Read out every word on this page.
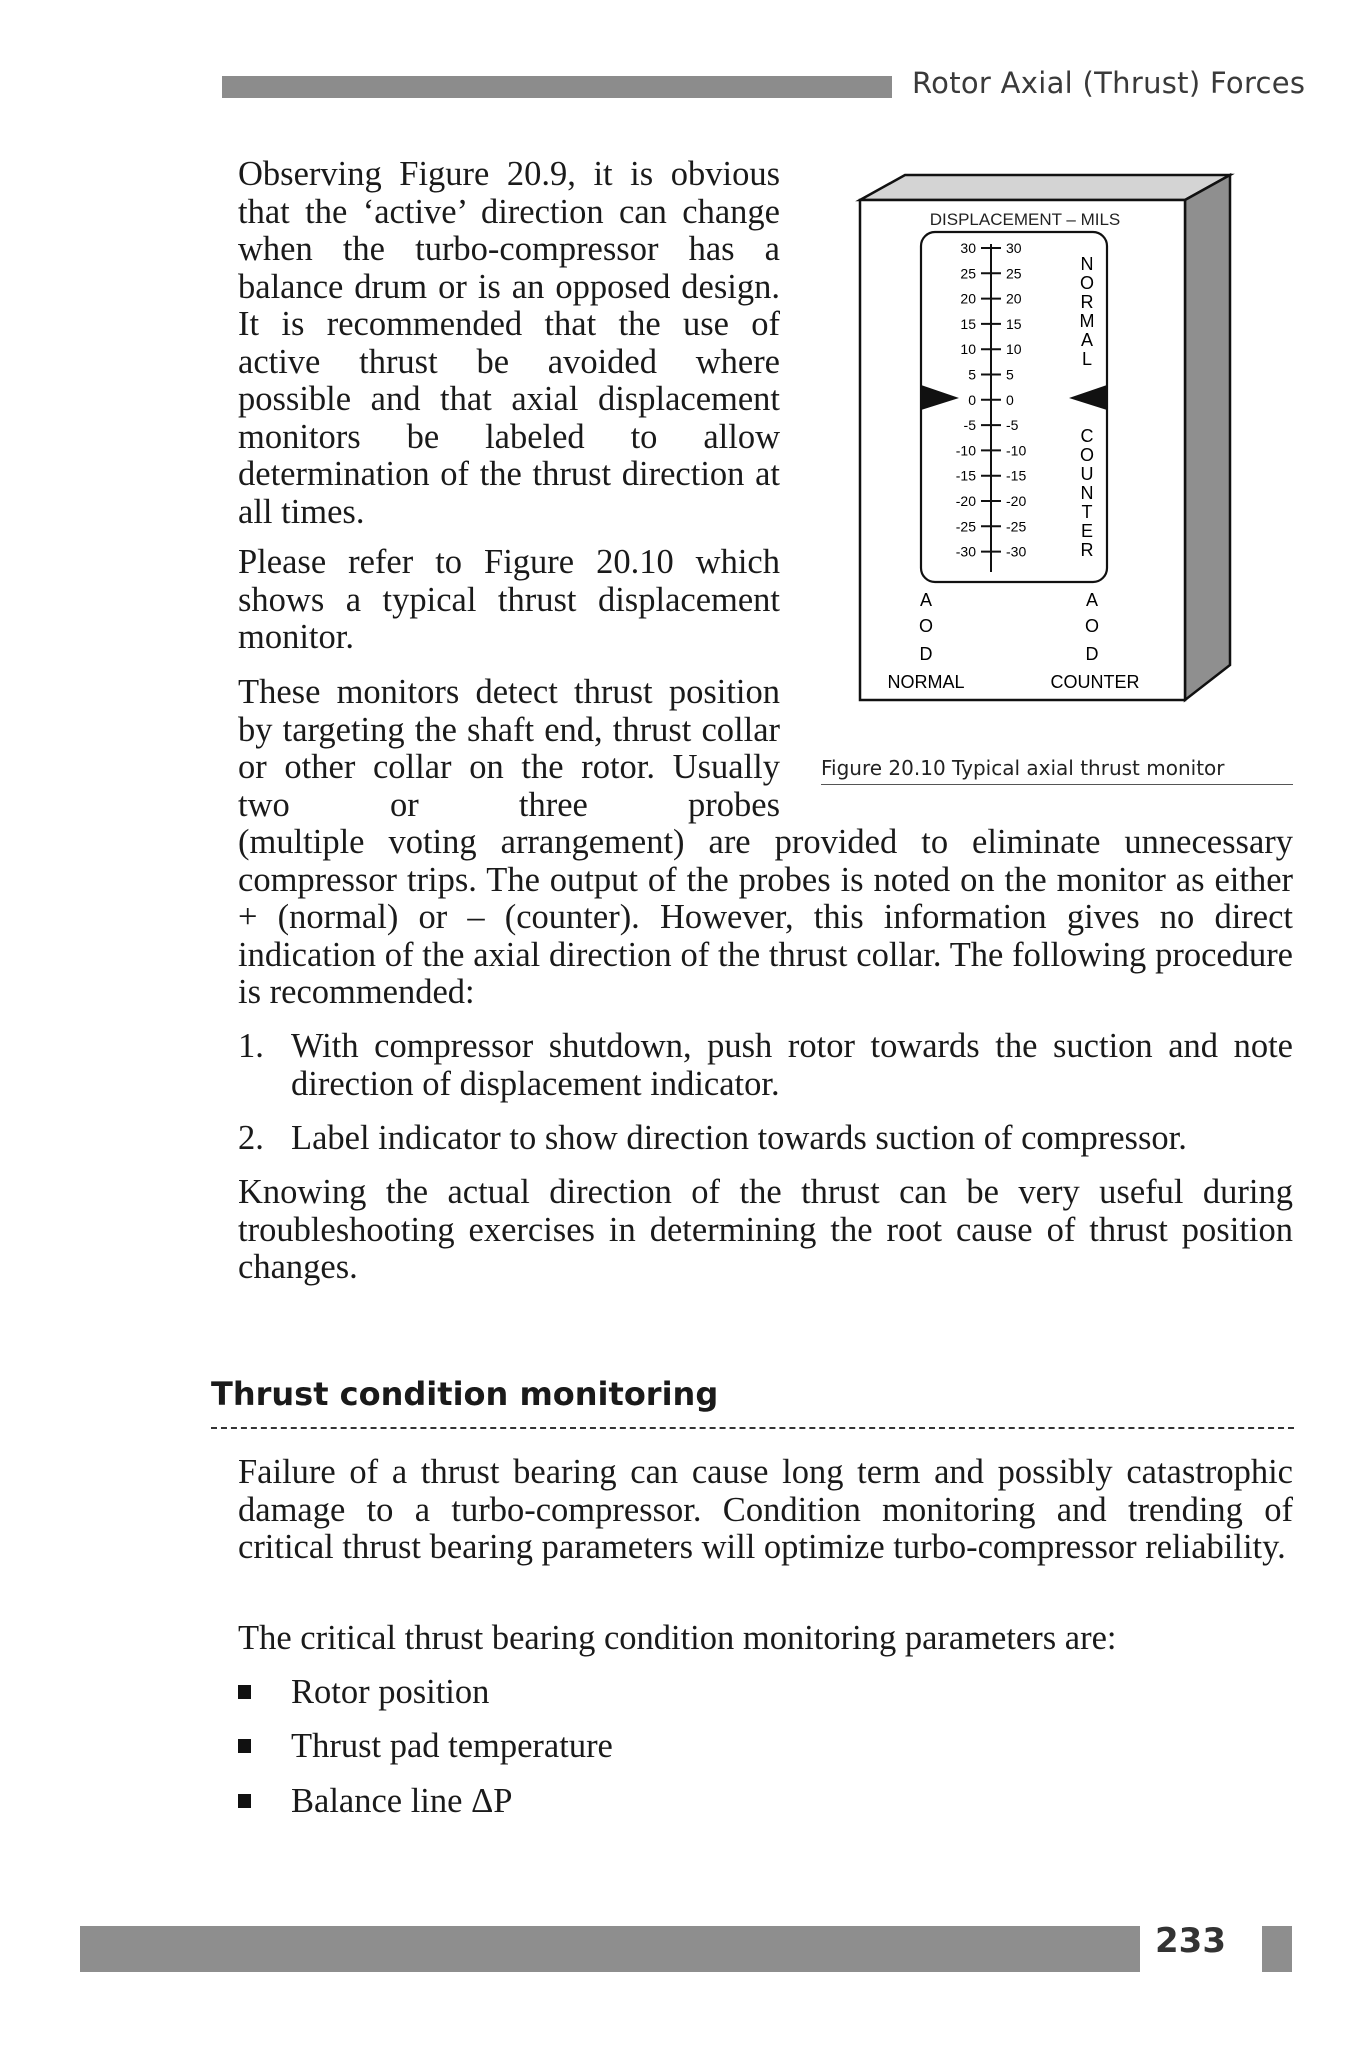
Rotor Axial (Thrust) Forces

Observing Figure 20.9, it is obvious that the ‘active’ direction can change when the turbo-compressor has a balance drum or is an opposed design. It is recommended that the use of active thrust be avoided where possible and that axial displacement monitors be labeled to allow determination of the thrust direction at all times.

Please refer to Figure 20.10 which shows a typical thrust displacement monitor.

These monitors detect thrust position by targeting the shaft end, thrust collar or other collar on the rotor. Usually two or three probes

(multiple voting arrangement) are provided to eliminate unnecessary compressor trips. The output of the probes is noted on the monitor as either + (normal) or – (counter). However, this information gives no direct indication of the axial direction of the thrust collar. The following procedure is recommended:

DISPLACEMENT – MILS
30 30
25 25
20 20
15 15
10 10
5 5
0 0
-5 -5
-10 -10
-15 -15
-20 -20
-25 -25
-30 -30
N
O
R
M
A
L
C
O
U
N
T
E
R
A
O
D
A
O
D
NORMAL	COUNTER
Figure 20.10 Typical axial thrust monitor
1. With compressor shutdown, push rotor towards the suction and note direction of displacement indicator.
2. Label indicator to show direction towards suction of compressor.

Knowing the actual direction of the thrust can be very useful during troubleshooting exercises in determining the root cause of thrust position changes.

Thrust condition monitoring

Failure of a thrust bearing can cause long term and possibly catastrophic damage to a turbo-compressor. Condition monitoring and trending of critical thrust bearing parameters will optimize turbo-compressor reliability.

The critical thrust bearing condition monitoring parameters are:

Rotor position
Thrust pad temperature
Balance line ΔP
233
